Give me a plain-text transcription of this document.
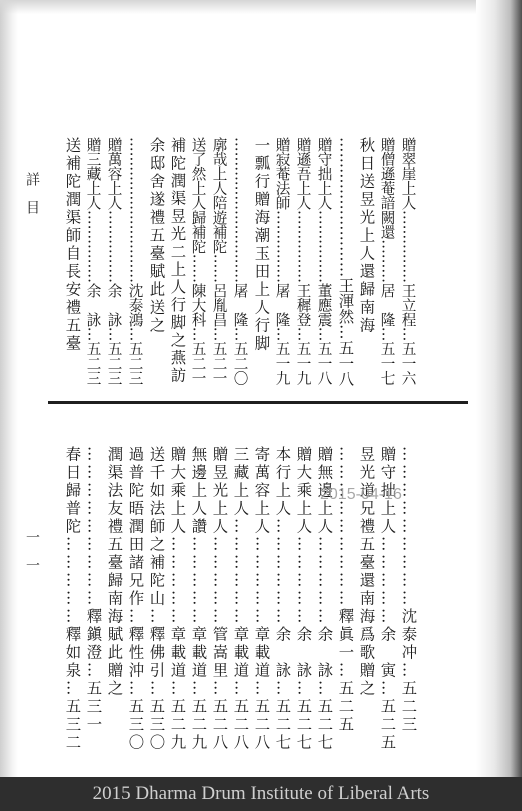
詳目
一一
贈翠崖上人……………王立程…五一六
贈僧遜菴諳闕還………居　隆…五一七
秋日送昱光上人還歸南海
………………………王渾然…五一八
贈守拙上人……………董應震…五一八
贈遜吾上人……………王穉登…五一九
贈寂菴法師……………屠　隆…五一九
一瓢行贈海潮玉田上人行脚
…………………………屠　隆…五二〇
廓哉上人陪遊補陀……呂胤昌…五二一
送了然上人歸補陀……陳大科…五二一
補陀潤渠昱光二上人行脚之燕訪
余邸舍遂禮五臺賦此送之
…………………………沈泰鴻…五二三
贈萬容上人……………余　詠…五二三
贈三藏上人……………余　詠…五二三
送補陀潤渠師自長安禮五臺
………………………沈泰冲…五二三
贈守拙上人……………余　寅…五二五
昱光道兄禮五臺還南海爲歌贈之
………………………釋眞一…五二五
贈無邊上人……………余　詠…五二七
贈大乘上人……………余　詠…五二七
本行上人………………余　詠…五二七
寄萬容上人……………章載道…五二八
三藏上人………………章載道…五二八
贈昱光上人……………管嵩里…五二八
無邊上人讚……………章載道…五二九
贈大乘上人……………章載道…五二九
送千如法師之補陀山…釋佛引…五三〇
過普陀晤潤田諸兄作…釋性沖…五三〇
潤渠法友禮五臺歸南海賦此贈之
………………………釋鎭澄…五三一
春日歸普陀……………釋如泉…五三二	2015-04-16
2015 Dharma Drum Institute of Liberal Arts
